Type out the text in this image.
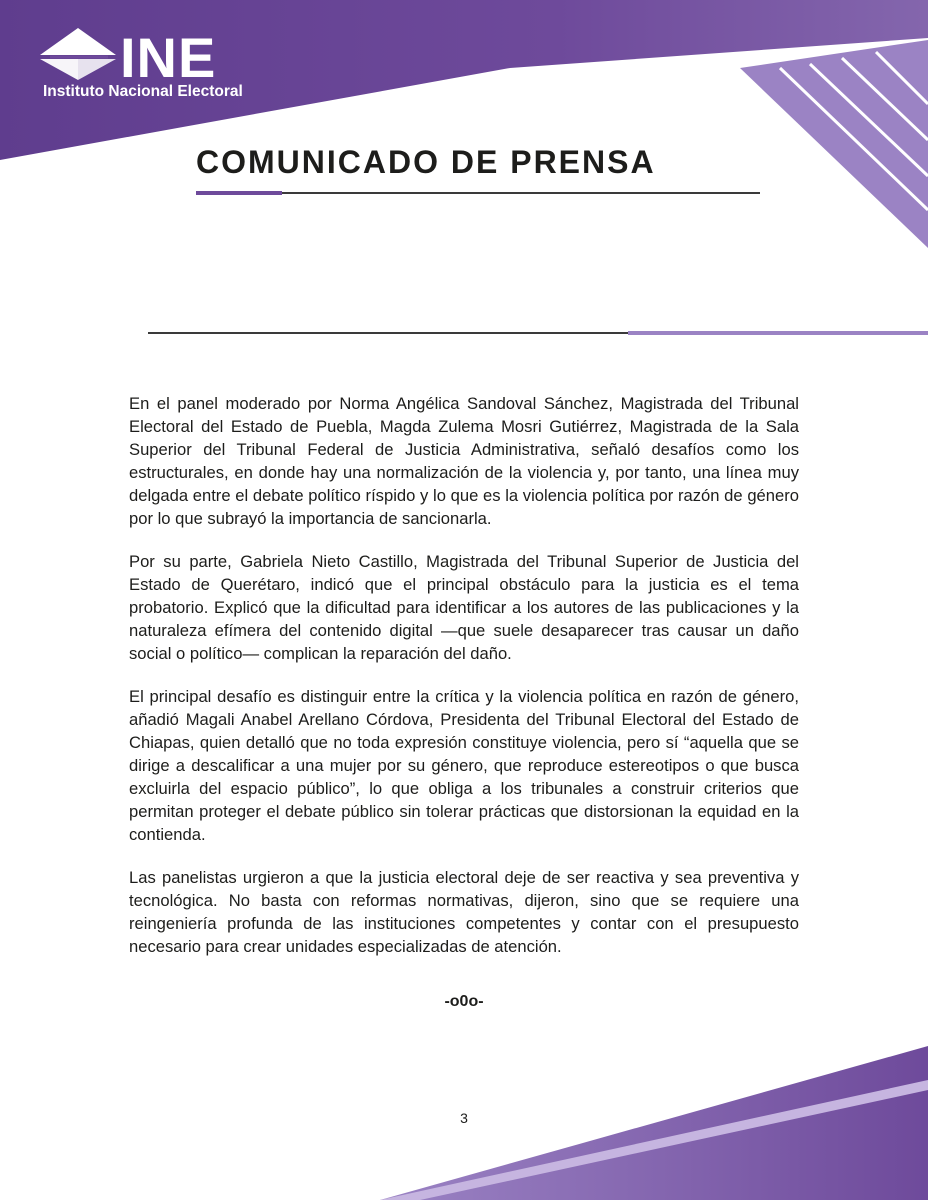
INE
Instituto Nacional Electoral
COMUNICADO DE PRENSA

En el panel moderado por Norma Angélica Sandoval Sánchez, Magistrada del Tribunal Electoral del Estado de Puebla, Magda Zulema Mosri Gutiérrez, Magistrada de la Sala Superior del Tribunal Federal de Justicia Administrativa, señaló desafíos como los estructurales, en donde hay una normalización de la violencia y, por tanto, una línea muy delgada entre el debate político ríspido y lo que es la violencia política por razón de género por lo que subrayó la importancia de sancionarla.

Por su parte, Gabriela Nieto Castillo, Magistrada del Tribunal Superior de Justicia del Estado de Querétaro, indicó que el principal obstáculo para la justicia es el tema probatorio. Explicó que la dificultad para identificar a los autores de las publicaciones y la naturaleza efímera del contenido digital —que suele desaparecer tras causar un daño social o político— complican la reparación del daño.

El principal desafío es distinguir entre la crítica y la violencia política en razón de género, añadió Magali Anabel Arellano Córdova, Presidenta del Tribunal Electoral del Estado de Chiapas, quien detalló que no toda expresión constituye violencia, pero sí “aquella que se dirige a descalificar a una mujer por su género, que reproduce estereotipos o que busca excluirla del espacio público”, lo que obliga a los tribunales a construir criterios que permitan proteger el debate público sin tolerar prácticas que distorsionan la equidad en la contienda.

Las panelistas urgieron a que la justicia electoral deje de ser reactiva y sea preventiva y tecnológica. No basta con reformas normativas, dijeron, sino que se requiere una reingeniería profunda de las instituciones competentes y contar con el presupuesto necesario para crear unidades especializadas de atención.

-o0o-
3
